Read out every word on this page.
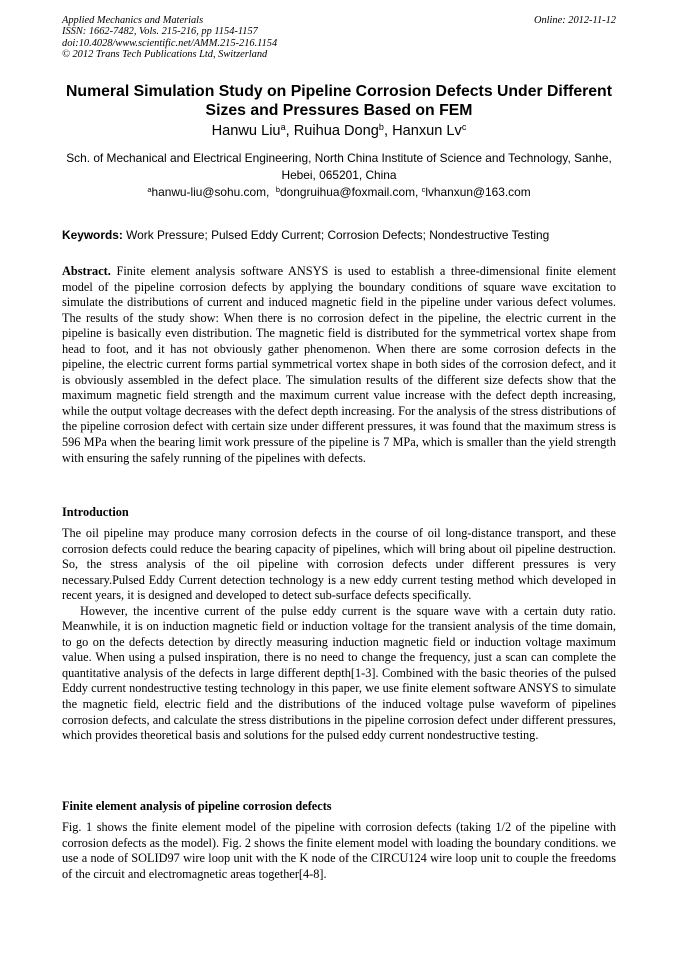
Applied Mechanics and Materials	Online: 2012-11-12
ISSN: 1662-7482, Vols. 215-216, pp 1154-1157
doi:10.4028/www.scientific.net/AMM.215-216.1154
© 2012 Trans Tech Publications Ltd, Switzerland
Numeral Simulation Study on Pipeline Corrosion Defects Under Different Sizes and Pressures Based on FEM
Hanwu Liu$^a$, Ruihua Dong$^b$, Hanxun Lv$^c$
Sch. of Mechanical and Electrical Engineering, North China Institute of Science and Technology, Sanhe, Hebei, 065201, China
$^a$hanwu-liu@sohu.com, $^b$dongruihua@foxmail.com, $^c$lvhanxun@163.com
Keywords: Work Pressure; Pulsed Eddy Current; Corrosion Defects; Nondestructive Testing
Abstract. Finite element analysis software ANSYS is used to establish a three-dimensional finite element model of the pipeline corrosion defects by applying the boundary conditions of square wave excitation to simulate the distributions of current and induced magnetic field in the pipeline under various defect volumes. The results of the study show: When there is no corrosion defect in the pipeline, the electric current in the pipeline is basically even distribution. The magnetic field is distributed for the symmetrical vortex shape from head to foot, and it has not obviously gather phenomenon. When there are some corrosion defects in the pipeline, the electric current forms partial symmetrical vortex shape in both sides of the corrosion defect, and it is obviously assembled in the defect place. The simulation results of the different size defects show that the maximum magnetic field strength and the maximum current value increase with the defect depth increasing, while the output voltage decreases with the defect depth increasing. For the analysis of the stress distributions of the pipeline corrosion defect with certain size under different pressures, it was found that the maximum stress is 596 MPa when the bearing limit work pressure of the pipeline is 7 MPa, which is smaller than the yield strength with ensuring the safely running of the pipelines with defects.
Introduction

The oil pipeline may produce many corrosion defects in the course of oil long-distance transport, and these corrosion defects could reduce the bearing capacity of pipelines, which will bring about oil pipeline destruction. So, the stress analysis of the oil pipeline with corrosion defects under different pressures is very necessary.Pulsed Eddy Current detection technology is a new eddy current testing method which developed in recent years, it is designed and developed to detect sub-surface defects specifically.

However, the incentive current of the pulse eddy current is the square wave with a certain duty ratio. Meanwhile, it is on induction magnetic field or induction voltage for the transient analysis of the time domain, to go on the defects detection by directly measuring induction magnetic field or induction voltage maximum value. When using a pulsed inspiration, there is no need to change the frequency, just a scan can complete the quantitative analysis of the defects in large different depth[1-3]. Combined with the basic theories of the pulsed Eddy current nondestructive testing technology in this paper, we use finite element software ANSYS to simulate the magnetic field, electric field and the distributions of the induced voltage pulse waveform of pipelines corrosion defects, and calculate the stress distributions in the pipeline corrosion defect under different pressures, which provides theoretical basis and solutions for the pulsed eddy current nondestructive testing.

Finite element analysis of pipeline corrosion defects

Fig. 1 shows the finite element model of the pipeline with corrosion defects (taking 1/2 of the pipeline with corrosion defects as the model). Fig. 2 shows the finite element model with loading the boundary conditions. we use a node of SOLID97 wire loop unit with the K node of the CIRCU124 wire loop unit to couple the freedoms of the circuit and electromagnetic areas together[4-8].
